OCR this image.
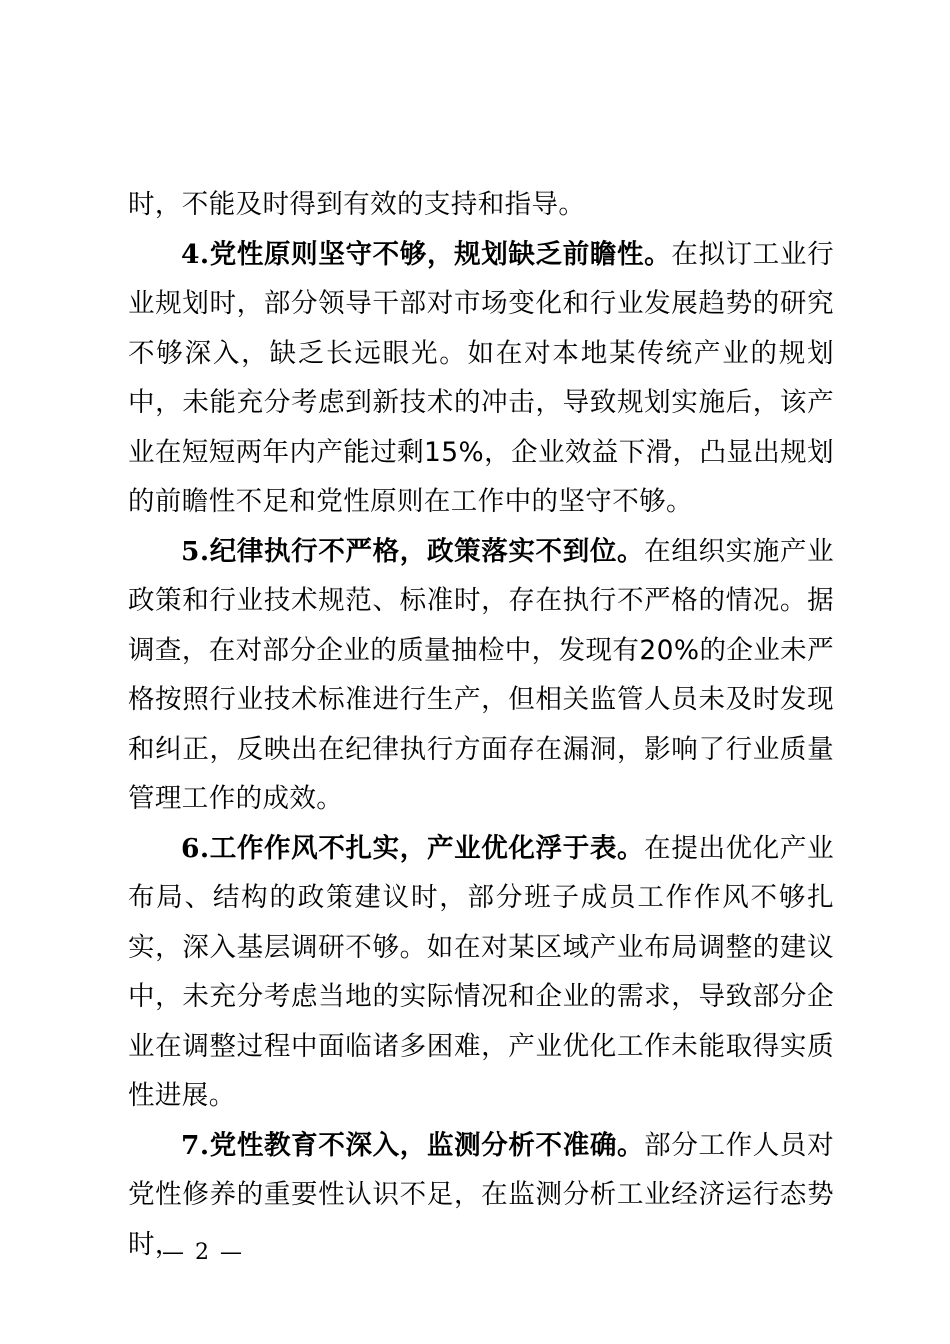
时，不能及时得到有效的支持和指导。

4.党性原则坚守不够，规划缺乏前瞻性。在拟订工业行业规划时，部分领导干部对市场变化和行业发展趋势的研究不够深入，缺乏长远眼光。如在对本地某传统产业的规划中，未能充分考虑到新技术的冲击，导致规划实施后，该产业在短短两年内产能过剩15%，企业效益下滑，凸显出规划的前瞻性不足和党性原则在工作中的坚守不够。

5.纪律执行不严格，政策落实不到位。在组织实施产业政策和行业技术规范、标准时，存在执行不严格的情况。据调查，在对部分企业的质量抽检中，发现有20%的企业未严格按照行业技术标准进行生产，但相关监管人员未及时发现和纠正，反映出在纪律执行方面存在漏洞，影响了行业质量管理工作的成效。

6.工作作风不扎实，产业优化浮于表。在提出优化产业布局、结构的政策建议时，部分班子成员工作作风不够扎实，深入基层调研不够。如在对某区域产业布局调整的建议中，未充分考虑当地的实际情况和企业的需求，导致部分企业在调整过程中面临诸多困难，产业优化工作未能取得实质性进展。

7.党性教育不深入，监测分析不准确。部分工作人员对党性修养的重要性认识不足，在监测分析工业经济运行态势时，

— 2 —
